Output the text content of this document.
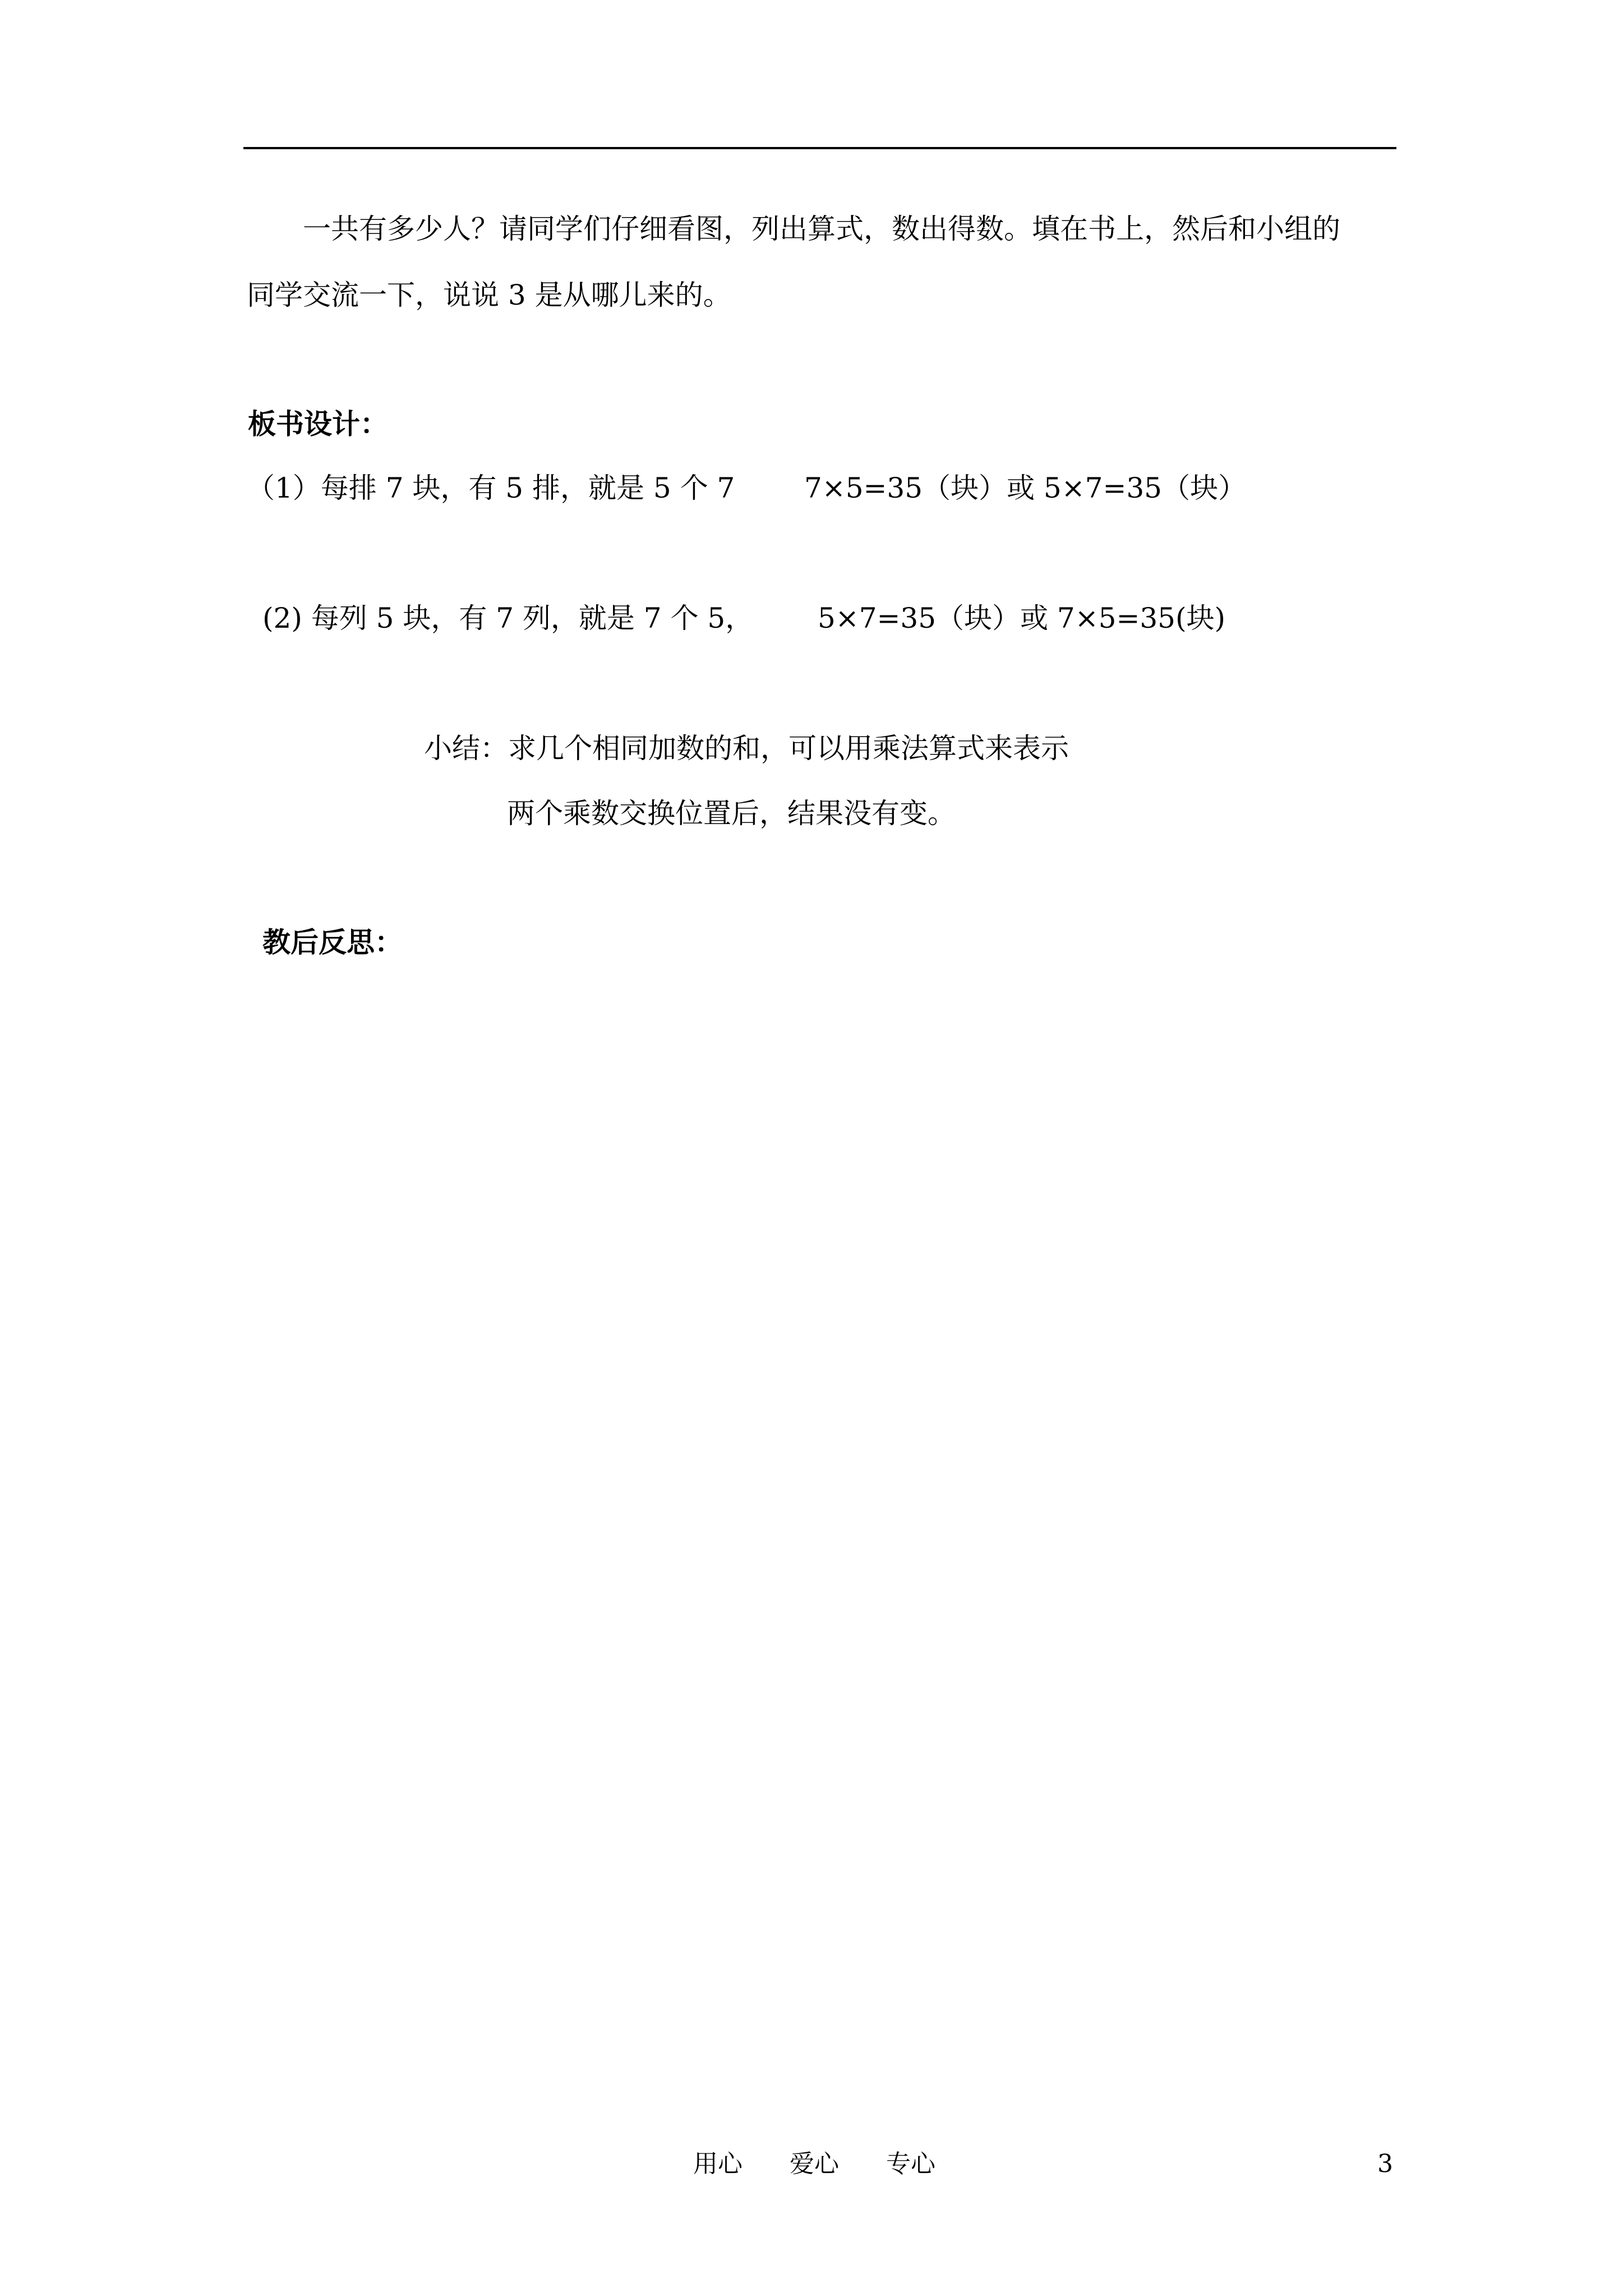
一共有多少人？请同学们仔细看图，列出算式，数出得数。填在书上，然后和小组的
同学交流一下，说说 3 是从哪儿来的。
板书设计：
（1）每排 7 块，有 5 排，就是 5 个 7 7×5=35（块）或 5×7=35（块）
(2) 每列 5 块，有 7 列，就是 7 个 5， 5×7=35（块）或 7×5=35(块)
小结：求几个相同加数的和，可以用乘法算式来表示
两个乘数交换位置后，结果没有变。
教后反思：
用心 爱心 专心	3
